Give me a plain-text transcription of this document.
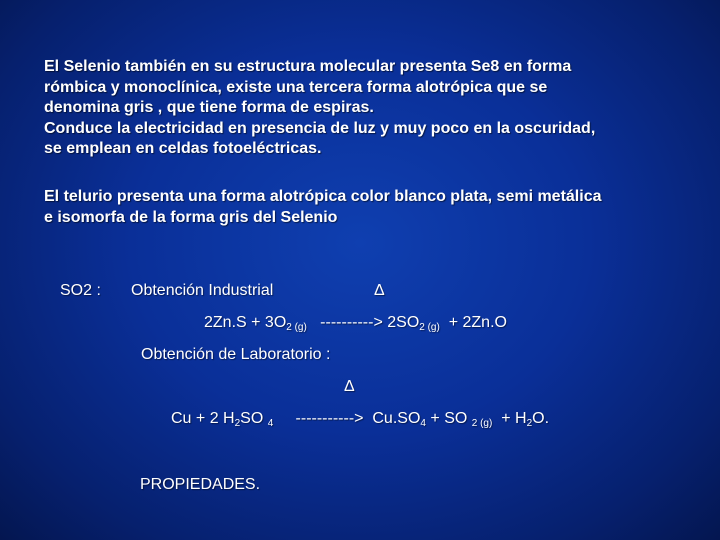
El Selenio también en su estructura molecular presenta Se8 en forma
rómbica y monoclínica, existe una tercera forma alotrópica que se
denomina gris , que tiene forma de espiras.
Conduce la electricidad en presencia de luz y muy poco en la oscuridad,
se emplean en celdas fotoeléctricas.
El telurio presenta una forma alotrópica color blanco plata, semi metálica
e isomorfa de la forma gris del Selenio
SO2 : Obtención Industrial	Δ
$2Zn.S + 3O_{2 (g)}$ ----------> $2SO_{2 (g)} + 2Zn.O$
Obtención de Laboratorio :
Δ
Cu + 2 $H_2SO$ $_4$ -----------> $Cu.SO_4$ + SO $_{2 (g)} + H_2O$.
PROPIEDADES.
